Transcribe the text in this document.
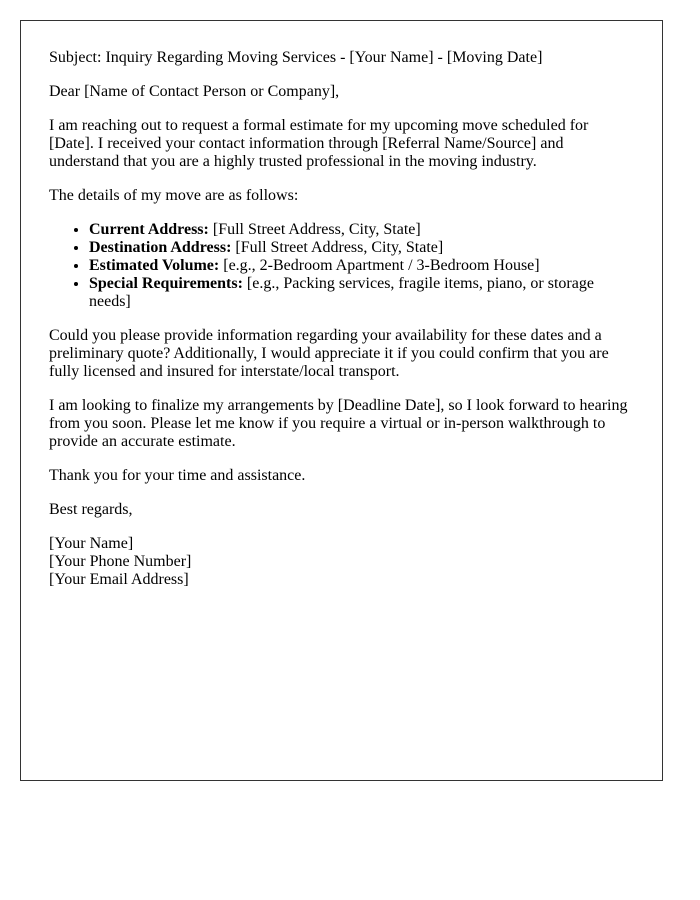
Subject: Inquiry Regarding Moving Services - [Your Name] - [Moving Date]

Dear [Name of Contact Person or Company],

I am reaching out to request a formal estimate for my upcoming move scheduled for [Date]. I received your contact information through [Referral Name/Source] and understand that you are a highly trusted professional in the moving industry.

The details of my move are as follows:

• Current Address: [Full Street Address, City, State]
• Destination Address: [Full Street Address, City, State]
• Estimated Volume: [e.g., 2-Bedroom Apartment / 3-Bedroom House]
• Special Requirements: [e.g., Packing services, fragile items, piano, or storage needs]

Could you please provide information regarding your availability for these dates and a preliminary quote? Additionally, I would appreciate it if you could confirm that you are fully licensed and insured for interstate/local transport.

I am looking to finalize my arrangements by [Deadline Date], so I look forward to hearing from you soon. Please let me know if you require a virtual or in-person walkthrough to provide an accurate estimate.

Thank you for your time and assistance.

Best regards,

[Your Name]
[Your Phone Number]
[Your Email Address]
